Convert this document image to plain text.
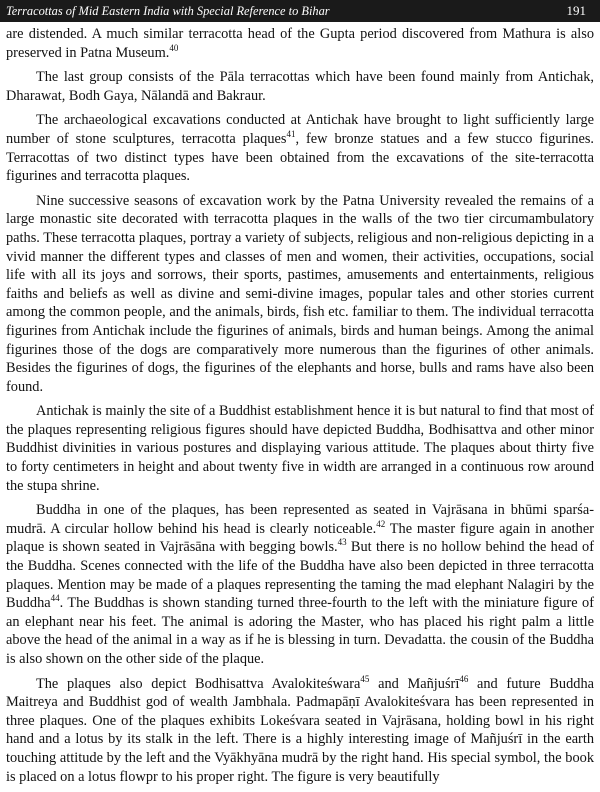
Terracottas of Mid Eastern India with Special Reference to Bihar	191

are distended. A much similar terracotta head of the Gupta period discovered from Mathura is also preserved in Patna Museum.$^{40}$

The last group consists of the Pāla terracottas which have been found mainly from Antichak, Dharawat, Bodh Gaya, Nālandā and Bakraur.

The archaeological excavations conducted at Antichak have brought to light sufficiently large number of stone sculptures, terracotta plaques$^{41}$, few bronze statues and a few stucco figurines. Terracottas of two distinct types have been obtained from the excavations of the site-terracotta figurines and terracotta plaques.

Nine successive seasons of excavation work by the Patna University revealed the remains of a large monastic site decorated with terracotta plaques in the walls of the two tier circumambulatory paths. These terracotta plaques, portray a variety of subjects, religious and non-religious depicting in a vivid manner the different types and classes of men and women, their activities, occupations, social life with all its joys and sorrows, their sports, pastimes, amusements and entertainments, religious faiths and beliefs as well as divine and semi-divine images, popular tales and other stories current among the common people, and the animals, birds, fish etc. familiar to them. The individual terracotta figurines from Antichak include the figurines of animals, birds and human beings. Among the animal figurines those of the dogs are comparatively more numerous than the figurines of other animals. Besides the figurines of dogs, the figurines of the elephants and horse, bulls and rams have also been found.

Antichak is mainly the site of a Buddhist establishment hence it is but natural to find that most of the plaques representing religious figures should have depicted Buddha, Bodhisattva and other minor Buddhist divinities in various postures and displaying various attitude. The plaques about thirty five to forty centimeters in height and about twenty five in width are arranged in a continuous row around the stupa shrine.

Buddha in one of the plaques, has been represented as seated in Vajrāsana in bhūmi sparśa-mudrā. A circular hollow behind his head is clearly noticeable.$^{42}$ The master figure again in another plaque is shown seated in Vajrāsāna with begging bowls.$^{43}$ But there is no hollow behind the head of the Buddha. Scenes connected with the life of the Buddha have also been depicted in three terracotta plaques. Mention may be made of a plaques representing the taming the mad elephant Nalagiri by the Buddha$^{44}$. The Buddhas is shown standing turned three-fourth to the left with the miniature figure of an elephant near his feet. The animal is adoring the Master, who has placed his right palm a little above the head of the animal in a way as if he is blessing in turn. Devadatta. the cousin of the Buddha is also shown on the other side of the plaque.

The plaques also depict Bodhisattva Avalokiteśwara$^{45}$ and Mañjuśrī$^{46}$ and future Buddha Maitreya and Buddhist god of wealth Jambhala. Padmapāṇī Avalokiteśvara has been represented in three plaques. One of the plaques exhibits Lokeśvara seated in Vajrāsana, holding bowl in his right hand and a lotus by its stalk in the left. There is a highly interesting image of Mañjuśrī in the earth touching attitude by the left and the Vyākhyāna mudrā by the right hand. His special symbol, the book is placed on a lotus flowpr to his proper right. The figure is very beautifully
